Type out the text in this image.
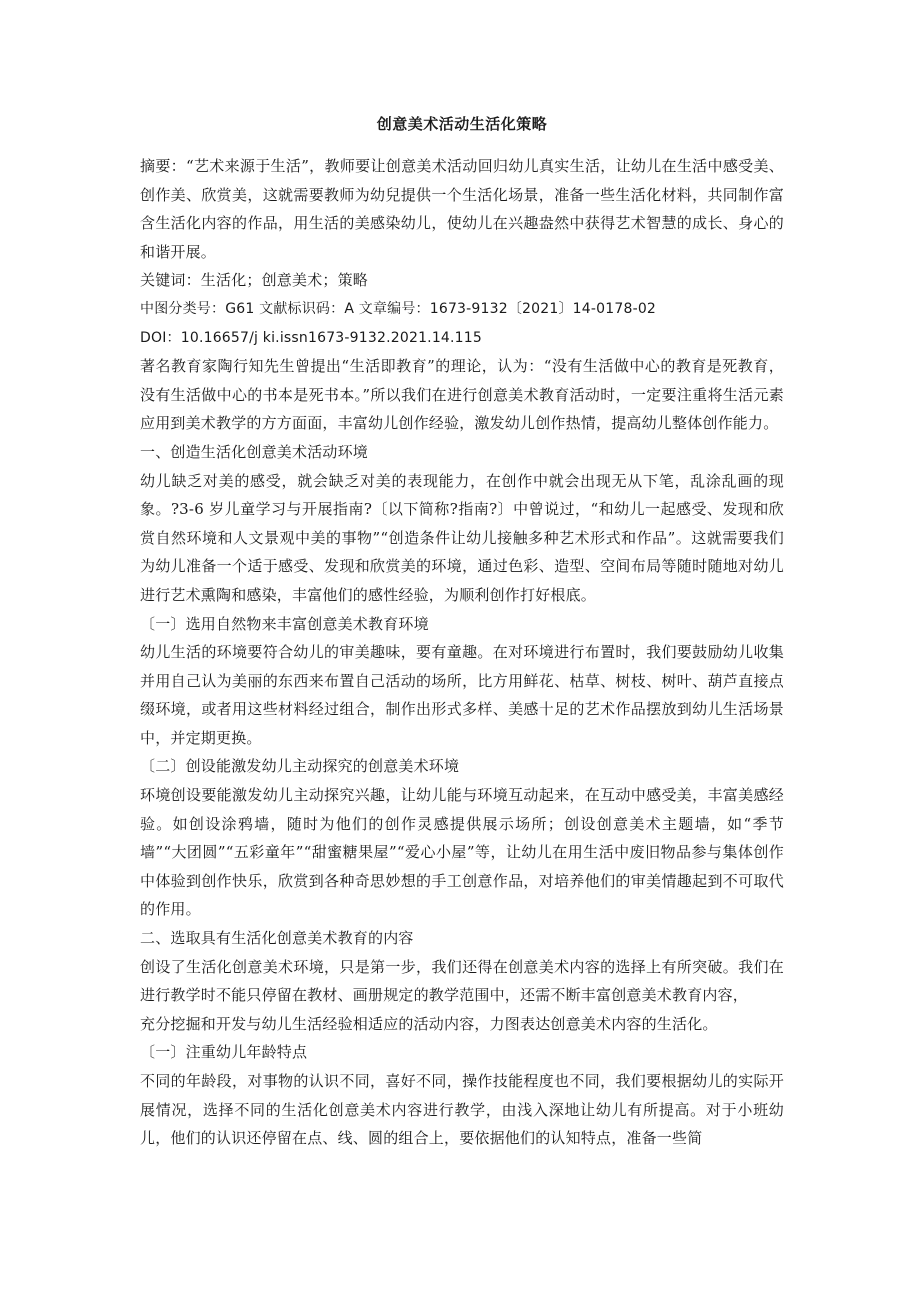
创意美术活动生活化策略

摘要：“艺术来源于生活”，教师要让创意美术活动回归幼儿真实生活，让幼儿在生活中感受美、创作美、欣赏美，这就需要教师为幼兒提供一个生活化场景，准备一些生活化材料，共同制作富含生活化内容的作品，用生活的美感染幼儿，使幼儿在兴趣盎然中获得艺术智慧的成长、身心的和谐开展。

关键词：生活化；创意美术；策略

中图分类号：G61 文献标识码：A 文章编号：1673-9132〔2021〕14-0178-02

DOI：10.16657/j ki.issn1673-9132.2021.14.115

著名教育家陶行知先生曾提出“生活即教育”的理论，认为：“没有生活做中心的教育是死教育，没有生活做中心的书本是死书本。”所以我们在进行创意美术教育活动时，一定要注重将生活元素应用到美术教学的方方面面，丰富幼儿创作经验，激发幼儿创作热情，提高幼儿整体创作能力。

一、创造生活化创意美术活动环境

幼儿缺乏对美的感受，就会缺乏对美的表现能力，在创作中就会出现无从下笔，乱涂乱画的现象。?3-6 岁儿童学习与开展指南?〔以下简称?指南?〕中曾说过，“和幼儿一起感受、发现和欣赏自然环境和人文景观中美的事物”“创造条件让幼儿接触多种艺术形式和作品”。这就需要我们为幼儿准备一个适于感受、发现和欣赏美的环境，通过色彩、造型、空间布局等随时随地对幼儿进行艺术熏陶和感染，丰富他们的感性经验，为顺利创作打好根底。

〔一〕选用自然物来丰富创意美术教育环境

幼儿生活的环境要符合幼儿的审美趣味，要有童趣。在对环境进行布置时，我们要鼓励幼儿收集并用自己认为美丽的东西来布置自己活动的场所，比方用鲜花、枯草、树枝、树叶、葫芦直接点缀环境，或者用这些材料经过组合，制作出形式多样、美感十足的艺术作品摆放到幼儿生活场景中，并定期更换。

〔二〕创设能激发幼儿主动探究的创意美术环境

环境创设要能激发幼儿主动探究兴趣，让幼儿能与环境互动起来，在互动中感受美，丰富美感经验。如创设涂鸦墙，随时为他们的创作灵感提供展示场所；创设创意美术主题墙，如“季节墙”“大团圆”“五彩童年”“甜蜜糖果屋”“爱心小屋”等，让幼儿在用生活中废旧物品参与集体创作中体验到创作快乐，欣赏到各种奇思妙想的手工创意作品，对培养他们的审美情趣起到不可取代的作用。

二、选取具有生活化创意美术教育的内容

创设了生活化创意美术环境，只是第一步，我们还得在创意美术内容的选择上有所突破。我们在进行教学时不能只停留在教材、画册规定的教学范围中，还需不断丰富创意美术教育内容，

充分挖掘和开发与幼儿生活经验相适应的活动内容，力图表达创意美术内容的生活化。

〔一〕注重幼儿年龄特点

不同的年龄段，对事物的认识不同，喜好不同，操作技能程度也不同，我们要根据幼儿的实际开展情况，选择不同的生活化创意美术内容进行教学，由浅入深地让幼儿有所提高。对于小班幼儿，他们的认识还停留在点、线、圆的组合上，要依据他们的认知特点，准备一些简
